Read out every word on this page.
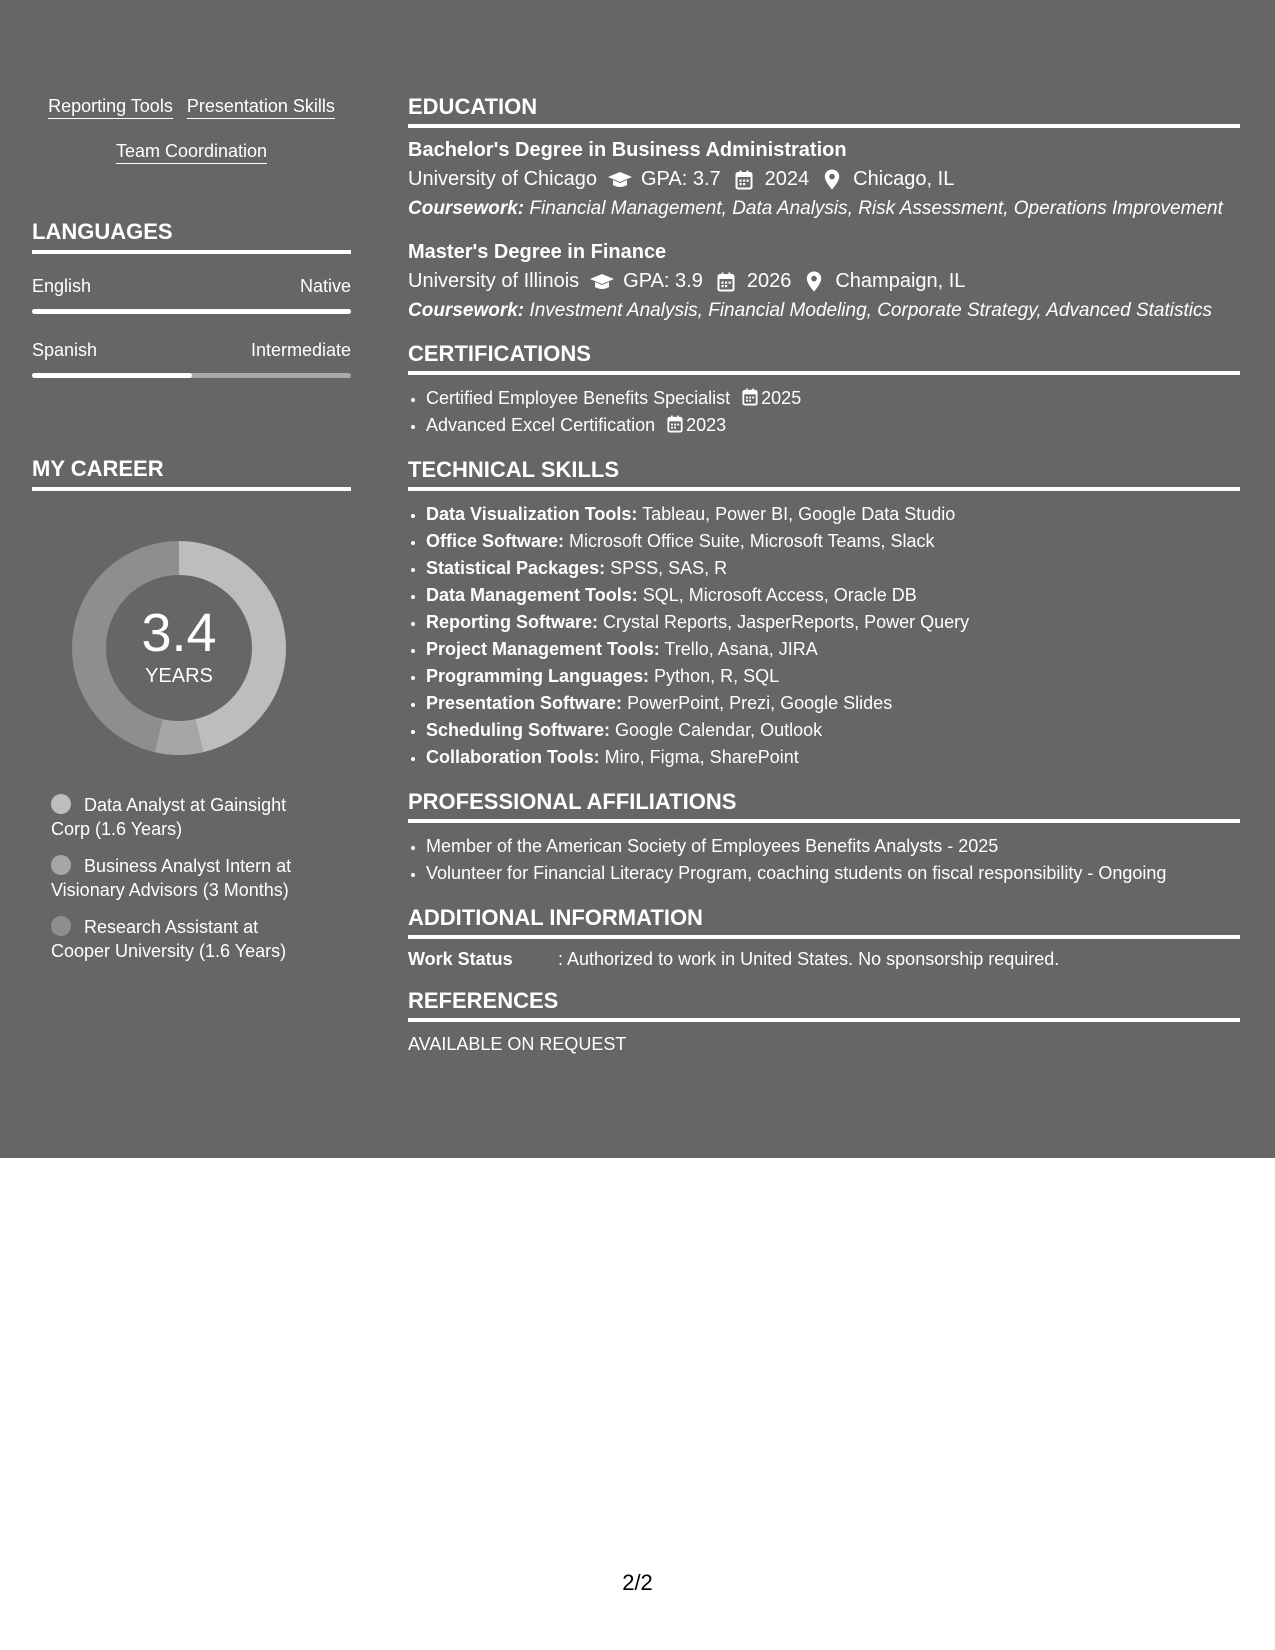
Reporting Tools Presentation Skills
Team Coordination
LANGUAGES
English	Native
Spanish	Intermediate
MY CAREER
3.4
YEARS
Data Analyst at Gainsight Corp (1.6 Years)
Business Analyst Intern at Visionary Advisors (3 Months)
Research Assistant at Cooper University (1.6 Years)
EDUCATION
Bachelor's Degree in Business Administration
University of Chicago GPA: 3.7 2024 Chicago, IL
Coursework: Financial Management, Data Analysis, Risk Assessment, Operations Improvement
Master's Degree in Finance
University of Illinois GPA: 3.9 2026 Champaign, IL
Coursework: Investment Analysis, Financial Modeling, Corporate Strategy, Advanced Statistics
CERTIFICATIONS
• Certified Employee Benefits Specialist 2025
• Advanced Excel Certification 2023
TECHNICAL SKILLS
• Data Visualization Tools: Tableau, Power BI, Google Data Studio
• Office Software: Microsoft Office Suite, Microsoft Teams, Slack
• Statistical Packages: SPSS, SAS, R
• Data Management Tools: SQL, Microsoft Access, Oracle DB
• Reporting Software: Crystal Reports, JasperReports, Power Query
• Project Management Tools: Trello, Asana, JIRA
• Programming Languages: Python, R, SQL
• Presentation Software: PowerPoint, Prezi, Google Slides
• Scheduling Software: Google Calendar, Outlook
• Collaboration Tools: Miro, Figma, SharePoint
PROFESSIONAL AFFILIATIONS
• Member of the American Society of Employees Benefits Analysts - 2025
• Volunteer for Financial Literacy Program, coaching students on fiscal responsibility - Ongoing
ADDITIONAL INFORMATION
Work Status	: Authorized to work in United States. No sponsorship required.
REFERENCES
AVAILABLE ON REQUEST
2/2
